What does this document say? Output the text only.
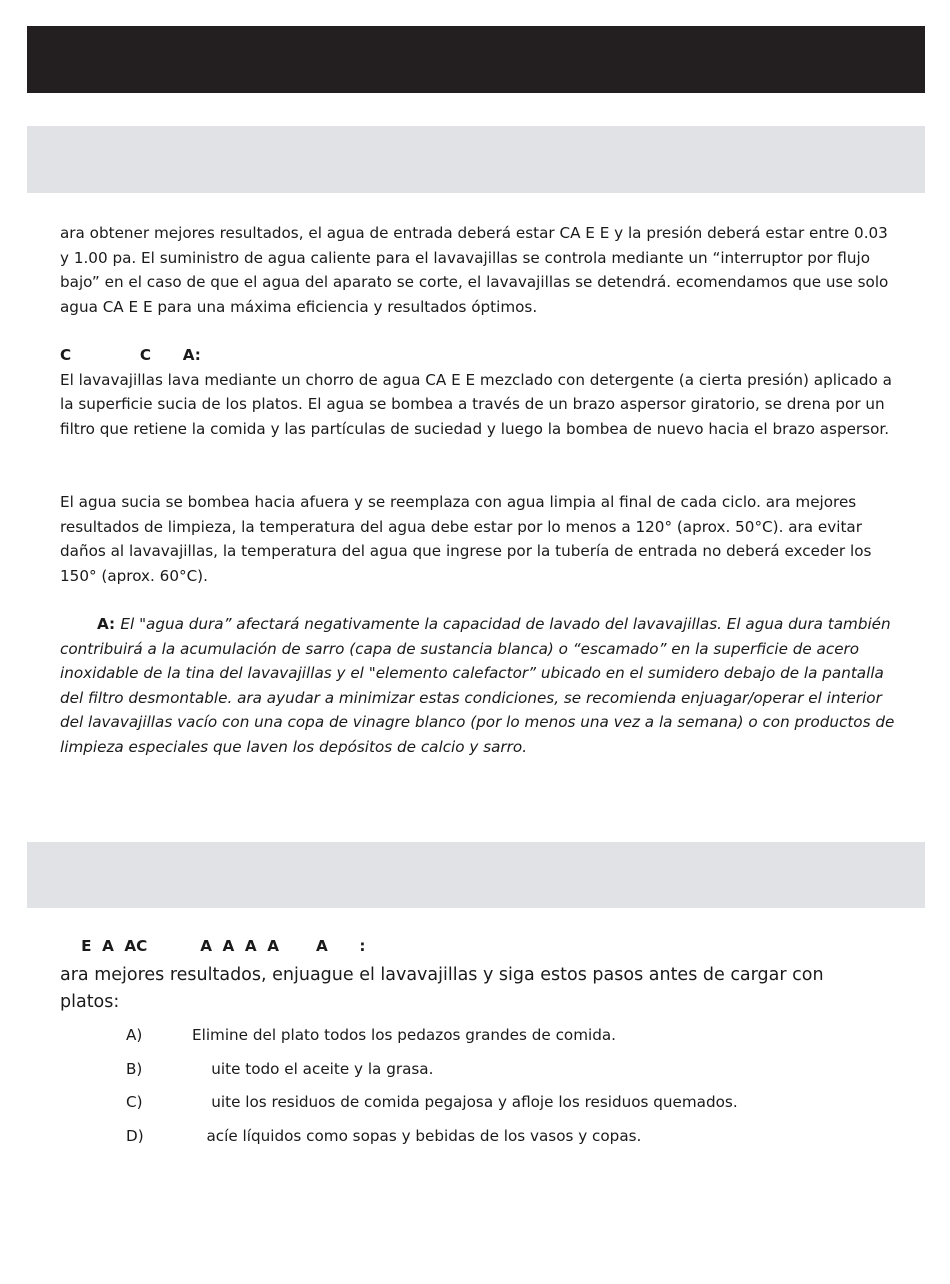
ara obtener mejores resultados, el agua de entrada deberá estar CA E E y la presión deberá estar entre 0.03 y 1.00 pa. El suministro de agua caliente para el lavavajillas se controla mediante un “interruptor por flujo bajo” en el caso de que el agua del aparato se corte, el lavavajillas se detendrá. ecomendamos que use solo agua CA E E para una máxima eficiencia y resultados óptimos.
C             C      A:
El lavavajillas lava mediante un chorro de agua CA E E mezclado con detergente (a cierta presión) aplicado a la superficie sucia de los platos. El agua se bombea a través de un brazo aspersor giratorio, se drena por un filtro que retiene la comida y las partículas de suciedad y luego la bombea de nuevo hacia el brazo aspersor.
El agua sucia se bombea hacia afuera y se reemplaza con agua limpia al final de cada ciclo. ara mejores resultados de limpieza, la temperatura del agua debe estar por lo menos a 120° (aprox. 50°C). ara evitar daños al lavavajillas, la temperatura del agua que ingrese por la tubería de entrada no deberá exceder los 150° (aprox. 60°C).
A: El "agua dura” afectará negativamente la capacidad de lavado del lavavajillas. El agua dura también contribuirá a la acumulación de sarro (capa de sustancia blanca) o “escamado” en la superficie de acero inoxidable de la tina del lavavajillas y el "elemento calefactor” ubicado en el sumidero debajo de la pantalla del filtro desmontable. ara ayudar a minimizar estas condiciones, se recomienda enjuagar/operar el interior del lavavajillas vacío con una copa de vinagre blanco (por lo menos una vez a la semana) o con productos de limpieza especiales que laven los depósitos de calcio y sarro.
E  A  AC          A  A  A  A       A      :
ara mejores resultados, enjuague el lavavajillas y siga estos pasos antes de cargar con platos:
A)	Elimine del plato todos los pedazos grandes de comida.
B)	uite todo el aceite y la grasa.
C)	uite los residuos de comida pegajosa y afloje los residuos quemados.
D)	acíe líquidos como sopas y bebidas de los vasos y copas.
